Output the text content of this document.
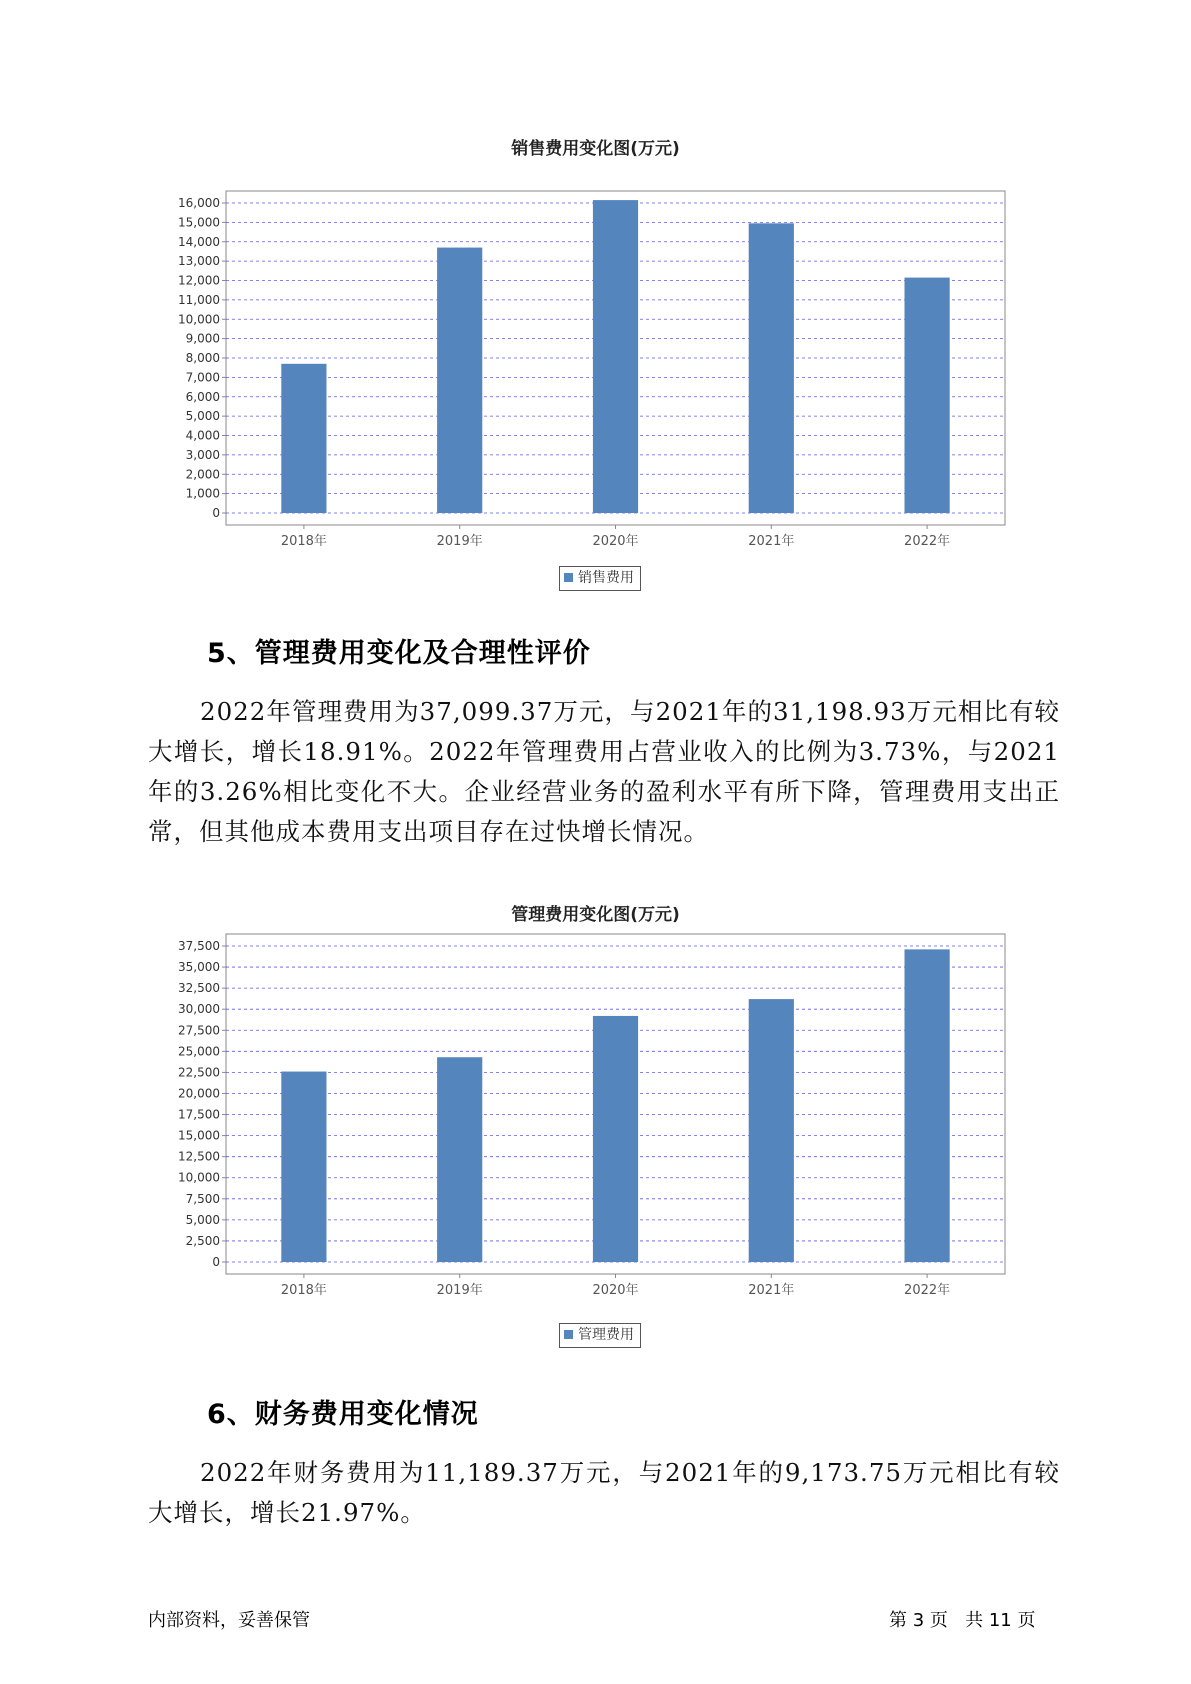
销售费用变化图(万元)
0
1,000
2,000
3,000
4,000
5,000
6,000
7,000
8,000
9,000
10,000
11,000
12,000
13,000
14,000
15,000
16,000
2018年	2019年	2020年	2021年	2022年
销售费用
5、管理费用变化及合理性评价

2022年管理费用为37,099.37万元，与2021年的31,198.93万元相比有较大增长，增长18.91%。2022年管理费用占营业收入的比例为3.73%，与2021年的3.26%相比变化不大。企业经营业务的盈利水平有所下降，管理费用支出正常，但其他成本费用支出项目存在过快增长情况。

管理费用变化图(万元)
0
2,500
5,000
7,500
10,000
12,500
15,000
17,500
20,000
22,500
25,000
27,500
30,000
32,500
35,000
37,500
2018年	2019年	2020年	2021年	2022年
管理费用
6、财务费用变化情况

2022年财务费用为11,189.37万元，与2021年的9,173.75万元相比有较大增长，增长21.97%。

内部资料，妥善保管	第 3 页 共 11 页
